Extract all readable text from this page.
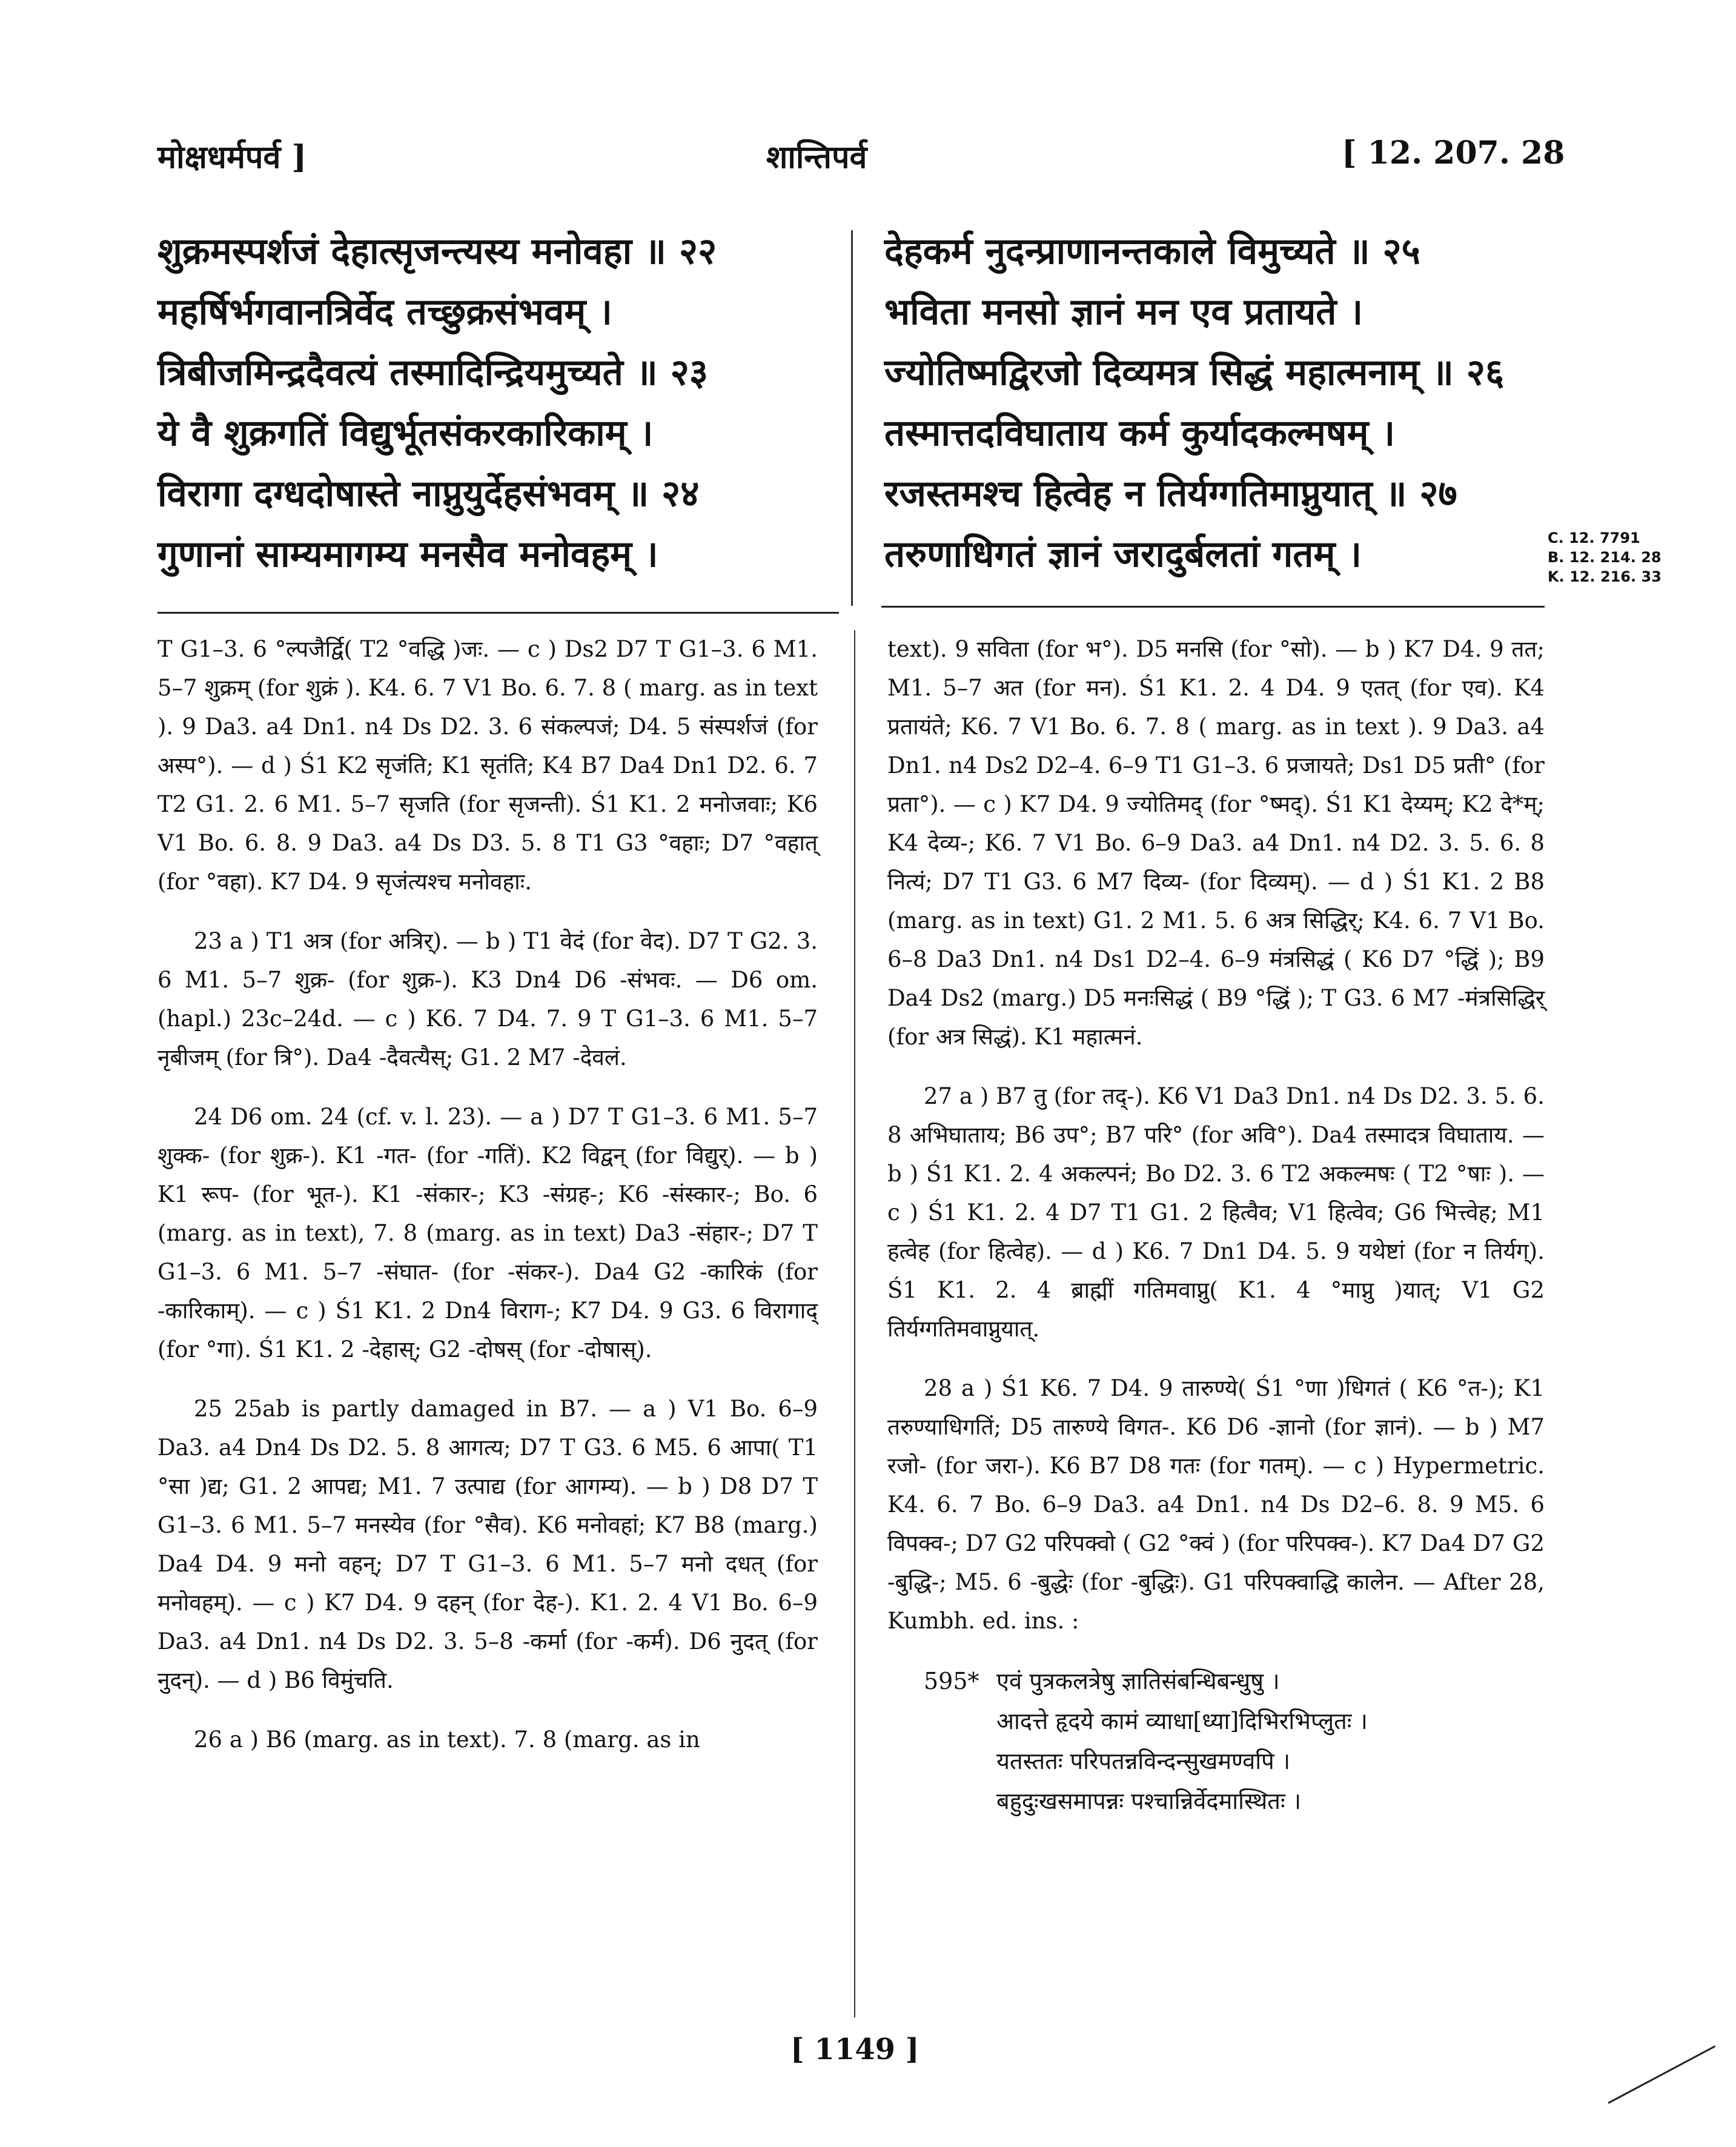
मोक्षधर्मपर्व ]	शान्तिपर्व	[ 12. 207. 28
शुक्रमस्पर्शजं देहात्सृजन्त्यस्य मनोवहा ॥ २२
महर्षिर्भगवानत्रिर्वेद तच्छुक्रसंभवम् ।
त्रिबीजमिन्द्रदैवत्यं तस्मादिन्द्रियमुच्यते ॥ २३
ये वै शुक्रगतिं विद्युर्भूतसंकरकारिकाम् ।
विरागा दग्धदोषास्ते नाप्नुयुर्देहसंभवम् ॥ २४
गुणानां साम्यमागम्य मनसैव मनोवहम् ।
देहकर्म नुदन्प्राणानन्तकाले विमुच्यते ॥ २५
भविता मनसो ज्ञानं मन एव प्रतायते ।
ज्योतिष्मद्विरजो दिव्यमत्र सिद्धं महात्मनाम् ॥ २६
तस्मात्तदविघाताय कर्म कुर्यादकल्मषम् ।
रजस्तमश्च हित्वेह न तिर्यग्गतिमाप्नुयात् ॥ २७
तरुणाधिगतं ज्ञानं जरादुर्बलतां गतम् ।	C. 12. 7791
B. 12. 214. 28
K. 12. 216. 33

T G1–3. 6 °ल्पजैर्द्वि( T2 °वद्धि )जः. — c ) Ds2 D7 T G1–3. 6 M1. 5–7 शुक्रम् (for शुक्रं ). K4. 6. 7 V1 Bo. 6. 7. 8 ( marg. as in text ). 9 Da3. a4 Dn1. n4 Ds D2. 3. 6 संकल्पजं; D4. 5 संस्पर्शजं (for अस्प°). — d ) Ś1 K2 सृजंति; K1 सृतंति; K4 B7 Da4 Dn1 D2. 6. 7 T2 G1. 2. 6 M1. 5–7 सृजति (for सृजन्ती). Ś1 K1. 2 मनोजवाः; K6 V1 Bo. 6. 8. 9 Da3. a4 Ds D3. 5. 8 T1 G3 °वहाः; D7 °वहात् (for °वहा). K7 D4. 9 सृजंत्यश्च मनोवहाः.

23 a ) T1 अत्र (for अत्रिर्). — b ) T1 वेदं (for वेद). D7 T G2. 3. 6 M1. 5–7 शुक्र- (for शुक्र-). K3 Dn4 D6 -संभवः. — D6 om. (hapl.) 23c–24d. — c ) K6. 7 D4. 7. 9 T G1–3. 6 M1. 5–7 नृबीजम् (for त्रि°). Da4 -दैवत्यैस्; G1. 2 M7 -देवलं.

24 D6 om. 24 (cf. v. l. 23). — a ) D7 T G1–3. 6 M1. 5–7 शुक्क- (for शुक्र-). K1 -गत- (for -गतिं). K2 विद्वन् (for विद्युर्). — b ) K1 रूप- (for भूत-). K1 -संकार-; K3 -संग्रह-; K6 -संस्कार-; Bo. 6 (marg. as in text), 7. 8 (marg. as in text) Da3 -संहार-; D7 T G1–3. 6 M1. 5–7 -संघात- (for -संकर-). Da4 G2 -कारिकं (for -कारिकाम्). — c ) Ś1 K1. 2 Dn4 विराग-; K7 D4. 9 G3. 6 विरागाद् (for °गा). Ś1 K1. 2 -देहास्; G2 -दोषस् (for -दोषास्).

25 25ab is partly damaged in B7. — a ) V1 Bo. 6–9 Da3. a4 Dn4 Ds D2. 5. 8 आगत्य; D7 T G3. 6 M5. 6 आपा( T1 °सा )द्य; G1. 2 आपद्य; M1. 7 उत्पाद्य (for आगम्य). — b ) D8 D7 T G1–3. 6 M1. 5–7 मनस्येव (for °सैव). K6 मनोवहां; K7 B8 (marg.) Da4 D4. 9 मनो वहन्; D7 T G1–3. 6 M1. 5–7 मनो दधत् (for मनोवहम्). — c ) K7 D4. 9 दहन् (for देह-). K1. 2. 4 V1 Bo. 6–9 Da3. a4 Dn1. n4 Ds D2. 3. 5–8 -कर्मा (for -कर्म). D6 नुदत् (for नुदन्). — d ) B6 विमुंचति.

26 a ) B6 (marg. as in text). 7. 8 (marg. as in

text). 9 सविता (for भ°). D5 मनसि (for °सो). — b ) K7 D4. 9 तत; M1. 5–7 अत (for मन). Ś1 K1. 2. 4 D4. 9 एतत् (for एव). K4 प्रतायंते; K6. 7 V1 Bo. 6. 7. 8 ( marg. as in text ). 9 Da3. a4 Dn1. n4 Ds2 D2–4. 6–9 T1 G1–3. 6 प्रजायते; Ds1 D5 प्रती° (for प्रता°). — c ) K7 D4. 9 ज्योतिमद् (for °ष्मद्). Ś1 K1 देय्यम्; K2 दे*म्; K4 देव्य-; K6. 7 V1 Bo. 6–9 Da3. a4 Dn1. n4 D2. 3. 5. 6. 8 नित्यं; D7 T1 G3. 6 M7 दिव्य- (for दिव्यम्). — d ) Ś1 K1. 2 B8 (marg. as in text) G1. 2 M1. 5. 6 अत्र सिद्धिर्; K4. 6. 7 V1 Bo. 6–8 Da3 Dn1. n4 Ds1 D2–4. 6–9 मंत्रसिद्धं ( K6 D7 °द्धिं ); B9 Da4 Ds2 (marg.) D5 मनःसिद्धं ( B9 °द्धिं ); T G3. 6 M7 -मंत्रसिद्धिर् (for अत्र सिद्धं). K1 महात्मनं.

27 a ) B7 तु (for तद्-). K6 V1 Da3 Dn1. n4 Ds D2. 3. 5. 6. 8 अभिघाताय; B6 उप°; B7 परि° (for अवि°). Da4 तस्मादत्र विघाताय. — b ) Ś1 K1. 2. 4 अकल्पनं; Bo D2. 3. 6 T2 अकल्मषः ( T2 °षाः ). — c ) Ś1 K1. 2. 4 D7 T1 G1. 2 हित्वैव; V1 हित्वेव; G6 भित्त्वेह; M1 हत्वेह (for हित्वेह). — d ) K6. 7 Dn1 D4. 5. 9 यथेष्टां (for न तिर्यग्). Ś1 K1. 2. 4 ब्राह्मीं गतिमवाप्नु( K1. 4 °माप्नु )यात्; V1 G2 तिर्यग्गतिमवाप्नुयात्.

28 a ) Ś1 K6. 7 D4. 9 तारुण्ये( Ś1 °णा )धिगतं ( K6 °त-); K1 तरुण्याधिगतिं; D5 तारुण्ये विगत-. K6 D6 -ज्ञानो (for ज्ञानं). — b ) M7 रजो- (for जरा-). K6 B7 D8 गतः (for गतम्). — c ) Hypermetric. K4. 6. 7 Bo. 6–9 Da3. a4 Dn1. n4 Ds D2–6. 8. 9 M5. 6 विपक्व-; D7 G2 परिपक्वो ( G2 °क्वं ) (for परिपक्व-). K7 Da4 D7 G2 -बुद्धि-; M5. 6 -बुद्धेः (for -बुद्धिः). G1 परिपक्वाद्धि कालेन. — After 28, Kumbh. ed. ins. :

595* एवं पुत्रकलत्रेषु ज्ञातिसंबन्धिबन्धुषु ।
आदत्ते हृदये कामं व्याधा[ध्या]दिभिरभिप्लुतः ।
यतस्ततः परिपतन्नविन्दन्सुखमण्वपि ।
बहुदुःखसमापन्नः पश्चान्निर्वेदमास्थितः ।
[ 1149 ]
